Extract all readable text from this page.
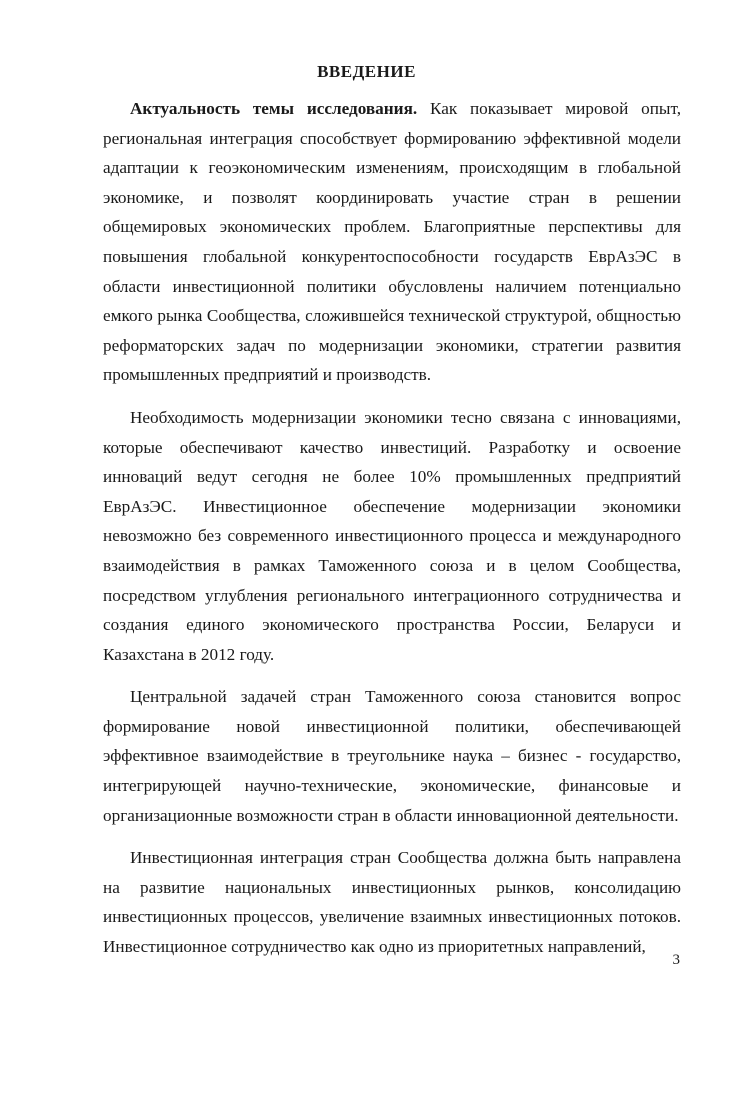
ВВЕДЕНИЕ

Актуальность темы исследования. Как показывает мировой опыт, региональная интеграция способствует формированию эффективной модели адаптации к геоэкономическим изменениям, происходящим в глобальной экономике, и позволят координировать участие стран в решении общемировых экономических проблем. Благоприятные перспективы для повышения глобальной конкурентоспособности государств ЕврАзЭС в области инвестиционной политики обусловлены наличием потенциально емкого рынка Сообщества, сложившейся технической структурой, общностью реформаторских задач по модернизации экономики, стратегии развития промышленных предприятий и производств.

Необходимость модернизации экономики тесно связана с инновациями, которые обеспечивают качество инвестиций. Разработку и освоение инноваций ведут сегодня не более 10% промышленных предприятий ЕврАзЭС. Инвестиционное обеспечение модернизации экономики невозможно без современного инвестиционного процесса и международного взаимодействия в рамках Таможенного союза и в целом Сообщества, посредством углубления регионального интеграционного сотрудничества и создания единого экономического пространства России, Беларуси и Казахстана в 2012 году.

Центральной задачей стран Таможенного союза становится вопрос формирование новой инвестиционной политики, обеспечивающей эффективное взаимодействие в треугольнике наука – бизнес - государство, интегрирующей научно-технические, экономические, финансовые и организационные возможности стран в области инновационной деятельности.

Инвестиционная интеграция стран Сообщества должна быть направлена на развитие национальных инвестиционных рынков, консолидацию инвестиционных процессов, увеличение взаимных инвестиционных потоков. Инвестиционное сотрудничество как одно из приоритетных направлений,

3
